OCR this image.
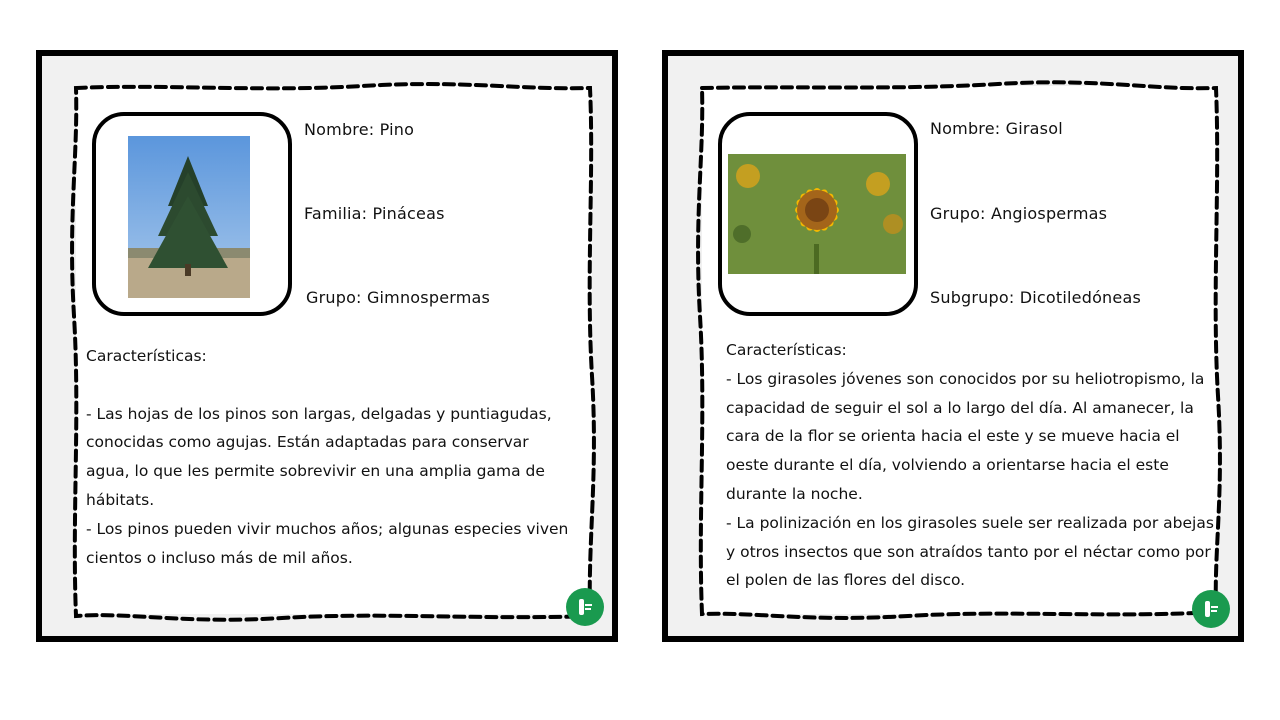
Nombre: Pino
Familia: Pináceas
Grupo: Gimnospermas

Características:

- Las hojas de los pinos son largas, delgadas y puntiagudas, conocidas como agujas. Están adaptadas para conservar agua, lo que les permite sobrevivir en una amplia gama de hábitats.

- Los pinos pueden vivir muchos años; algunas especies viven cientos o incluso más de mil años.

Nombre: Girasol
Grupo: Angiospermas
Subgrupo: Dicotiledóneas

Características:

- Los girasoles jóvenes son conocidos por su heliotropismo, la capacidad de seguir el sol a lo largo del día. Al amanecer, la cara de la flor se orienta hacia el este y se mueve hacia el oeste durante el día, volviendo a orientarse hacia el este durante la noche.

- La polinización en los girasoles suele ser realizada por abejas y otros insectos que son atraídos tanto por el néctar como por el polen de las flores del disco.
